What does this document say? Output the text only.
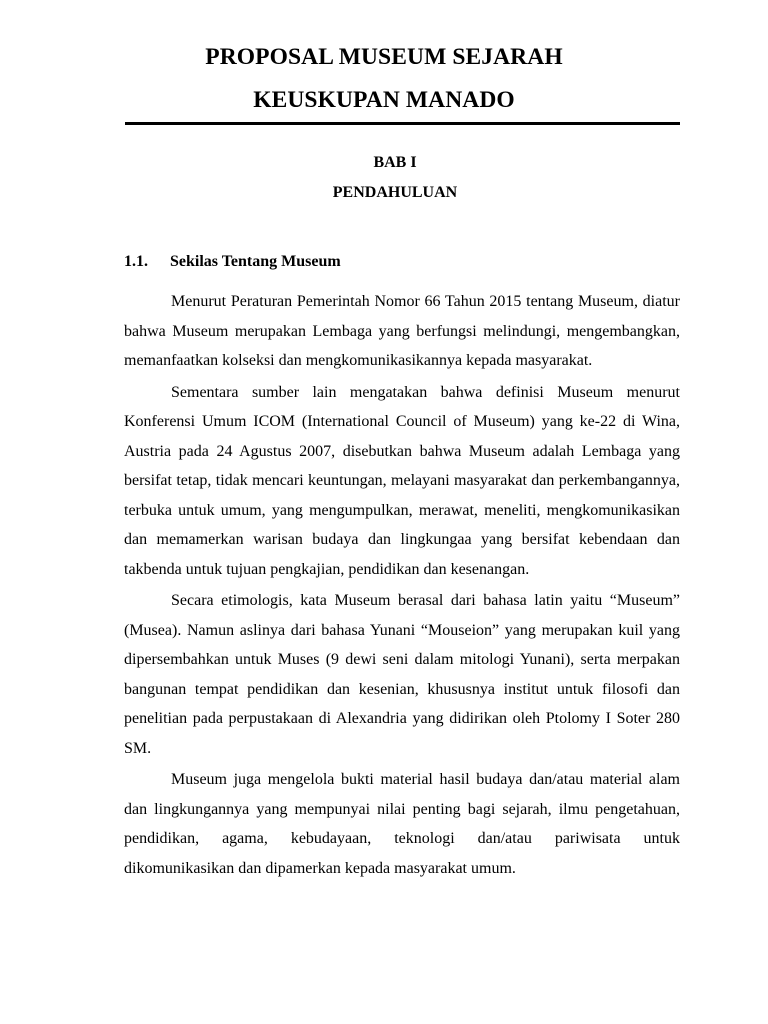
PROPOSAL MUSEUM SEJARAH
KEUSKUPAN MANADO
BAB I
PENDAHULUAN
1.1. Sekilas Tentang Museum

Menurut Peraturan Pemerintah Nomor 66 Tahun 2015 tentang Museum, diatur bahwa Museum merupakan Lembaga yang berfungsi melindungi, mengembangkan, memanfaatkan kolseksi dan mengkomunikasikannya kepada masyarakat.

Sementara sumber lain mengatakan bahwa definisi Museum menurut Konferensi Umum ICOM (International Council of Museum) yang ke-22 di Wina, Austria pada 24 Agustus 2007, disebutkan bahwa Museum adalah Lembaga yang bersifat tetap, tidak mencari keuntungan, melayani masyarakat dan perkembangannya, terbuka untuk umum, yang mengumpulkan, merawat, meneliti, mengkomunikasikan dan memamerkan warisan budaya dan lingkungaa yang bersifat kebendaan dan takbenda untuk tujuan pengkajian, pendidikan dan kesenangan.

Secara etimologis, kata Museum berasal dari bahasa latin yaitu “Museum” (Musea). Namun aslinya dari bahasa Yunani “Mouseion” yang merupakan kuil yang dipersembahkan untuk Muses (9 dewi seni dalam mitologi Yunani), serta merpakan bangunan tempat pendidikan dan kesenian, khususnya institut untuk filosofi dan penelitian pada perpustakaan di Alexandria yang didirikan oleh Ptolomy I Soter 280 SM.

Museum juga mengelola bukti material hasil budaya dan/atau material alam dan lingkungannya yang mempunyai nilai penting bagi sejarah, ilmu pengetahuan, pendidikan, agama, kebudayaan, teknologi dan/atau pariwisata untuk dikomunikasikan dan dipamerkan kepada masyarakat umum.
